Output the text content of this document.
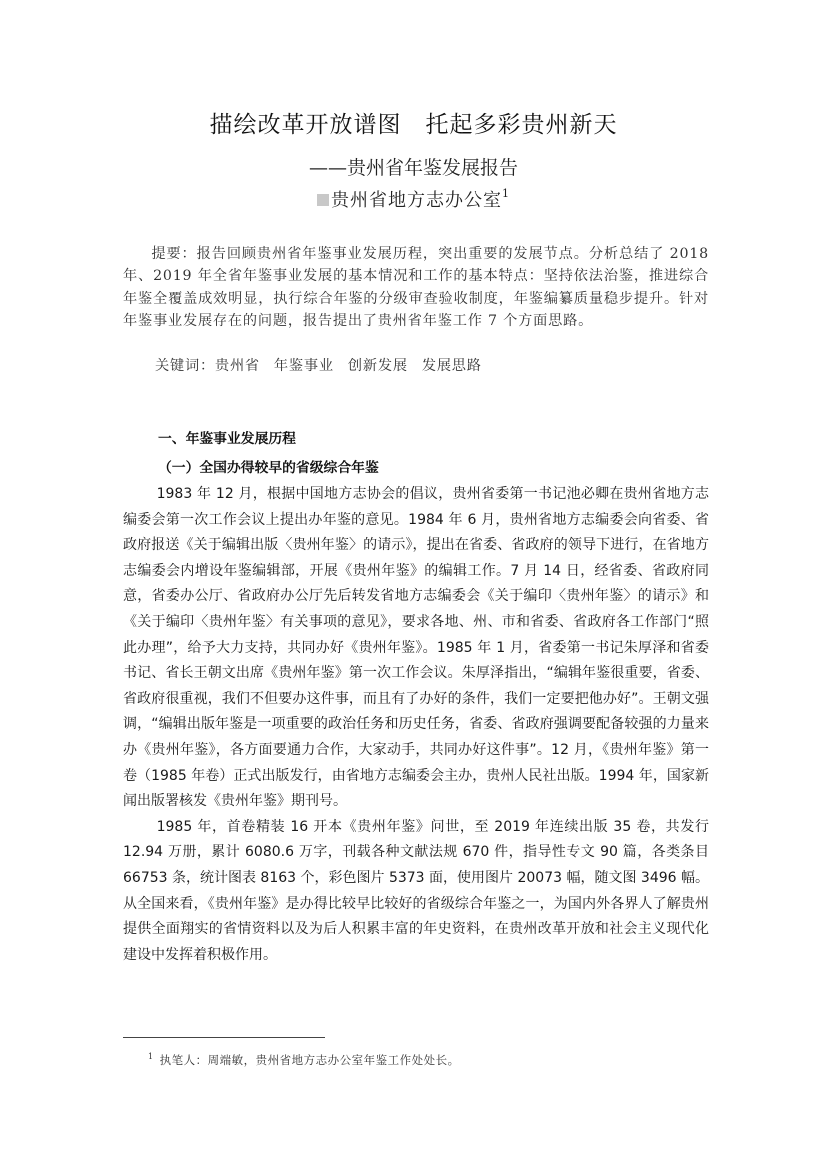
描绘改革开放谱图　托起多彩贵州新天
——贵州省年鉴发展报告
贵州省地方志办公室$^1$

提要：报告回顾贵州省年鉴事业发展历程，突出重要的发展节点。分析总结了 2018 年、2019 年全省年鉴事业发展的基本情况和工作的基本特点：坚持依法治鉴，推进综合年鉴全覆盖成效明显，执行综合年鉴的分级审查验收制度，年鉴编纂质量稳步提升。针对年鉴事业发展存在的问题，报告提出了贵州省年鉴工作 7 个方面思路。

关键词：贵州省 年鉴事业 创新发展 发展思路
一、年鉴事业发展历程
（一）全国办得较早的省级综合年鉴

1983 年 12 月，根据中国地方志协会的倡议，贵州省委第一书记池必卿在贵州省地方志编委会第一次工作会议上提出办年鉴的意见。1984 年 6 月，贵州省地方志编委会向省委、省政府报送《关于编辑出版〈贵州年鉴〉的请示》，提出在省委、省政府的领导下进行，在省地方志编委会内增设年鉴编辑部，开展《贵州年鉴》的编辑工作。7 月 14 日，经省委、省政府同意，省委办公厅、省政府办公厅先后转发省地方志编委会《关于编印〈贵州年鉴〉的请示》和《关于编印〈贵州年鉴〉有关事项的意见》，要求各地、州、市和省委、省政府各工作部门“照此办理”，给予大力支持，共同办好《贵州年鉴》。1985 年 1 月，省委第一书记朱厚泽和省委书记、省长王朝文出席《贵州年鉴》第一次工作会议。朱厚泽指出，“编辑年鉴很重要，省委、省政府很重视，我们不但要办这件事，而且有了办好的条件，我们一定要把他办好”。王朝文强调，“编辑出版年鉴是一项重要的政治任务和历史任务，省委、省政府强调要配备较强的力量来办《贵州年鉴》，各方面要通力合作，大家动手，共同办好这件事”。12 月，《贵州年鉴》第一卷（1985 年卷）正式出版发行，由省地方志编委会主办，贵州人民社出版。1994 年，国家新闻出版署核发《贵州年鉴》期刊号。

1985 年，首卷精装 16 开本《贵州年鉴》问世，至 2019 年连续出版 35 卷，共发行 12.94 万册，累计 6080.6 万字，刊载各种文献法规 670 件，指导性专文 90 篇，各类条目 66753 条，统计图表 8163 个，彩色图片 5373 面，使用图片 20073 幅，随文图 3496 幅。从全国来看，《贵州年鉴》是办得比较早比较好的省级综合年鉴之一，为国内外各界人了解贵州提供全面翔实的省情资料以及为后人积累丰富的年史资料，在贵州改革开放和社会主义现代化建设中发挥着积极作用。

$^1$ 执笔人：周端敏，贵州省地方志办公室年鉴工作处处长。
